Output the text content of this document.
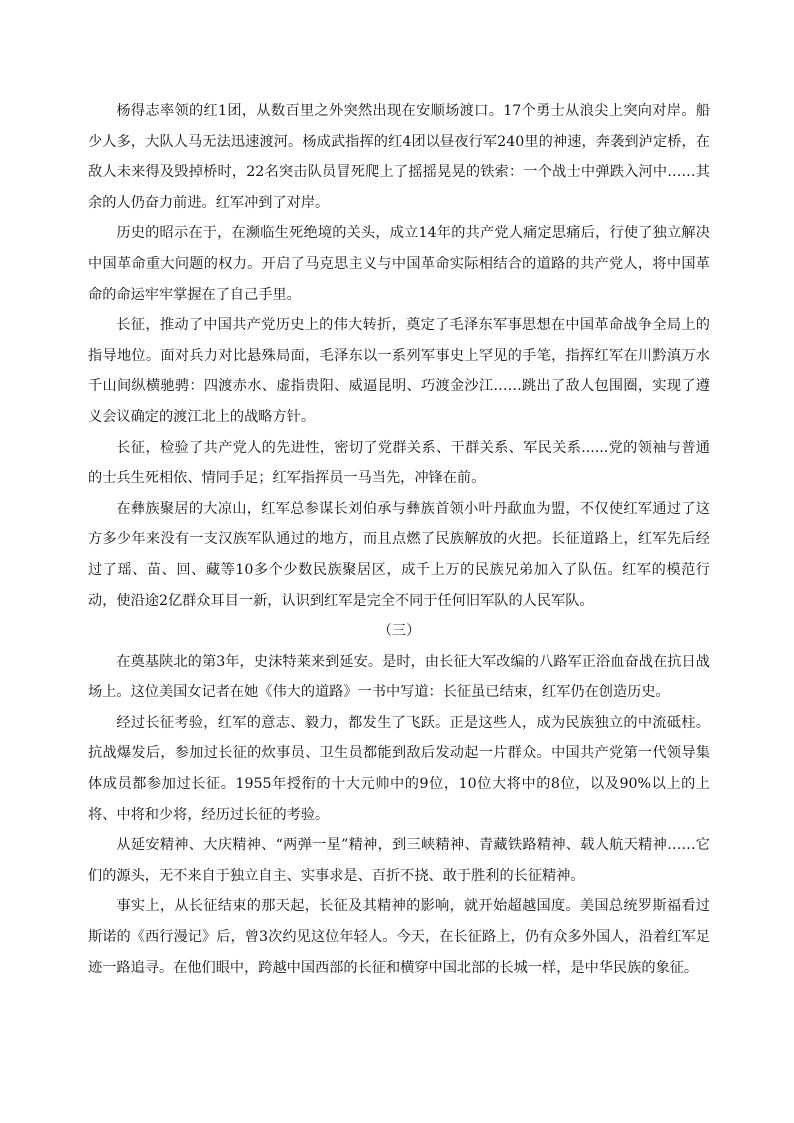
杨得志率领的红1团，从数百里之外突然出现在安顺场渡口。17个勇士从浪尖上突向对岸。船少人多，大队人马无法迅速渡河。杨成武指挥的红4团以昼夜行军240里的神速，奔袭到泸定桥，在敌人未来得及毁掉桥时，22名突击队员冒死爬上了摇摇晃晃的铁索：一个战士中弹跌入河中……其余的人仍奋力前进。红军冲到了对岸。

历史的昭示在于，在濒临生死绝境的关头，成立14年的共产党人痛定思痛后，行使了独立解决中国革命重大问题的权力。开启了马克思主义与中国革命实际相结合的道路的共产党人，将中国革命的命运牢牢掌握在了自己手里。

长征，推动了中国共产党历史上的伟大转折，奠定了毛泽东军事思想在中国革命战争全局上的指导地位。面对兵力对比悬殊局面，毛泽东以一系列军事史上罕见的手笔，指挥红军在川黔滇万水千山间纵横驰骋：四渡赤水、虚指贵阳、威逼昆明、巧渡金沙江……跳出了敌人包围圈，实现了遵义会议确定的渡江北上的战略方针。

长征，检验了共产党人的先进性，密切了党群关系、干群关系、军民关系......党的领袖与普通的士兵生死相依、情同手足；红军指挥员一马当先，冲锋在前。

在彝族聚居的大凉山，红军总参谋长刘伯承与彝族首领小叶丹歃血为盟，不仅使红军通过了这方多少年来没有一支汉族军队通过的地方，而且点燃了民族解放的火把。长征道路上，红军先后经过了瑶、苗、回、藏等10多个少数民族聚居区，成千上万的民族兄弟加入了队伍。红军的模范行动，使沿途2亿群众耳目一新，认识到红军是完全不同于任何旧军队的人民军队。

（三）

在奠基陕北的第3年，史沫特莱来到延安。是时，由长征大军改编的八路军正浴血奋战在抗日战场上。这位美国女记者在她《伟大的道路》一书中写道：长征虽已结束，红军仍在创造历史。

经过长征考验，红军的意志、毅力，都发生了飞跃。正是这些人，成为民族独立的中流砥柱。抗战爆发后，参加过长征的炊事员、卫生员都能到敌后发动起一片群众。中国共产党第一代领导集体成员都参加过长征。1955年授衔的十大元帅中的9位，10位大将中的8位，以及90%以上的上将、中将和少将，经历过长征的考验。

从延安精神、大庆精神、“两弹一星”精神，到三峡精神、青藏铁路精神、载人航天精神……它们的源头，无不来自于独立自主、实事求是、百折不挠、敢于胜利的长征精神。

事实上，从长征结束的那天起，长征及其精神的影响，就开始超越国度。美国总统罗斯福看过斯诺的《西行漫记》后，曾3次约见这位年轻人。今天，在长征路上，仍有众多外国人，沿着红军足迹一路追寻。在他们眼中，跨越中国西部的长征和横穿中国北部的长城一样，是中华民族的象征。
